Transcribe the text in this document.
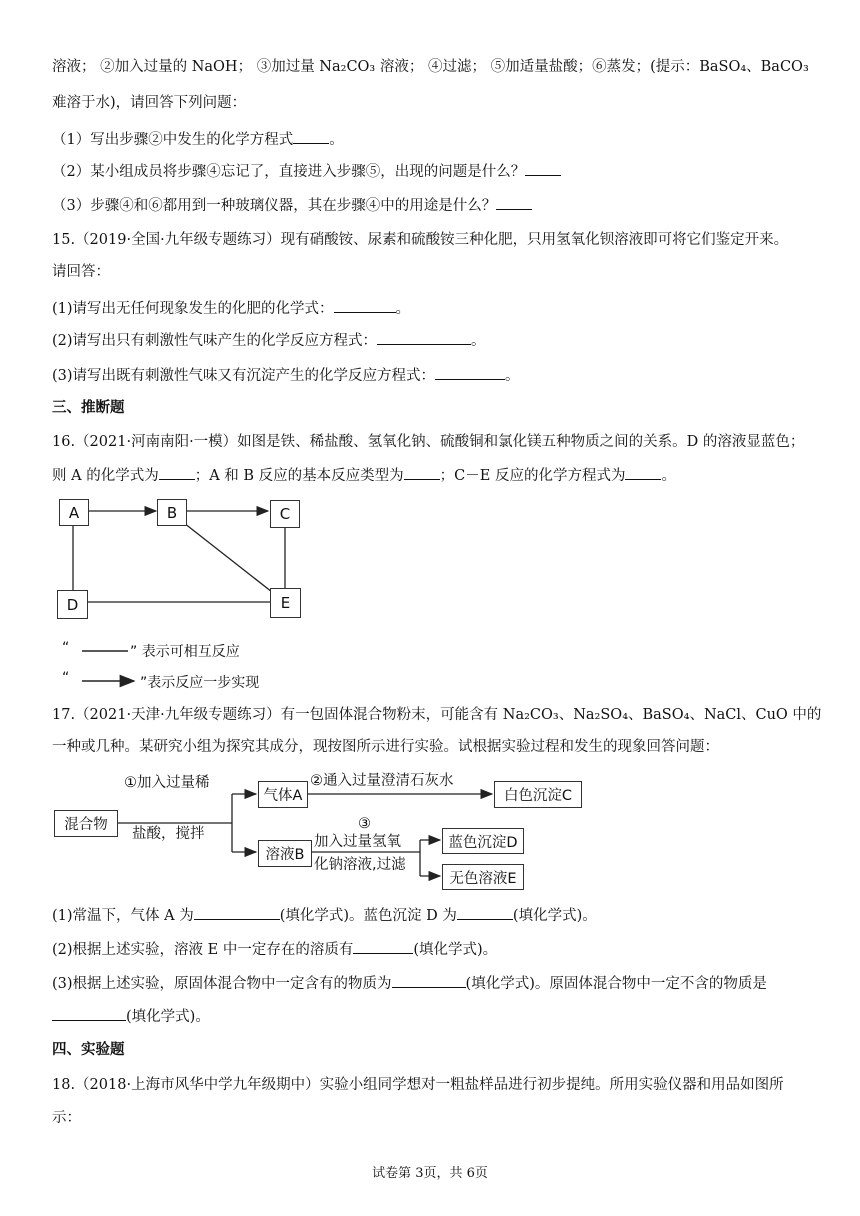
溶液； ②加入过量的 NaOH； ③加过量 Na₂CO₃ 溶液； ④过滤； ⑤加适量盐酸；⑥蒸发；(提示：BaSO₄、BaCO₃
难溶于水)，请回答下列问题：
（1）写出步骤②中发生的化学方程式 。
（2）某小组成员将步骤④忘记了，直接进入步骤⑤，出现的问题是什么？
（3）步骤④和⑥都用到一种玻璃仪器，其在步骤④中的用途是什么？
15.（2019·全国·九年级专题练习）现有硝酸铵、尿素和硫酸铵三种化肥，只用氢氧化钡溶液即可将它们鉴定开来。
请回答：
(1)请写出无任何现象发生的化肥的化学式：	。
(2)请写出只有刺激性气味产生的化学反应方程式：	。
(3)请写出既有刺激性气味又有沉淀产生的化学反应方程式：	。
三、推断题
16.（2021·河南南阳·一模）如图是铁、稀盐酸、氢氧化钠、硫酸铜和氯化镁五种物质之间的关系。D 的溶液显蓝色；
则 A 的化学式为 ；A 和 B 反应的基本反应类型为 ；C－E 反应的化学方程式为 。
A	B	C
D	E
“	” 表示可相互反应
“	”表示反应一步实现
17.（2021·天津·九年级专题练习）有一包固体混合物粉末，可能含有 Na₂CO₃、Na₂SO₄、BaSO₄、NaCl、CuO 中的
一种或几种。某研究小组为探究其成分，现按图所示进行实验。试根据实验过程和发生的现象回答问题：
混合物
①加入过量稀
盐酸，搅拌
气体A
②通入过量澄清石灰水
白色沉淀C
溶液B
③
加入过量氢氧
化钠溶液,过滤
蓝色沉淀D
无色溶液E
(1)常温下，气体 A 为	(填化学式)。蓝色沉淀 D 为	(填化学式)。
(2)根据上述实验，溶液 E 中一定存在的溶质有	(填化学式)。
(3)根据上述实验，原固体混合物中一定含有的物质为	(填化学式)。原固体混合物中一定不含的物质是
(填化学式)。
四、实验题
18.（2018·上海市风华中学九年级期中）实验小组同学想对一粗盐样品进行初步提纯。所用实验仪器和用品如图所
示：
试卷第 3页，共 6页
